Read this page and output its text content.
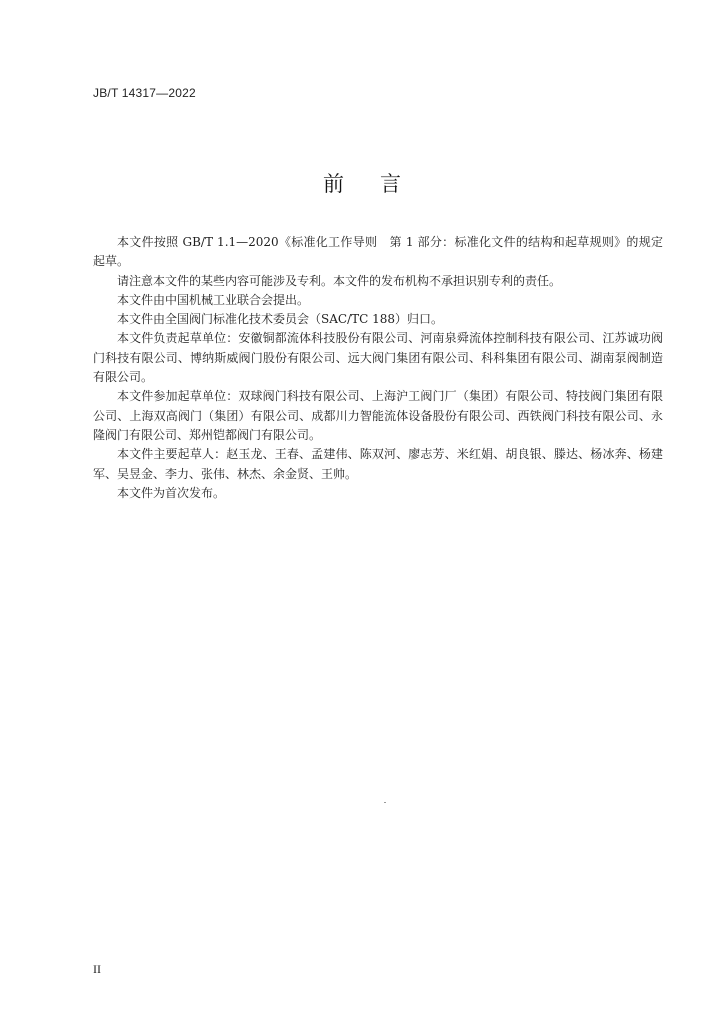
JB/T 14317—2022
前 言

本文件按照 GB/T 1.1—2020《标准化工作导则　第 1 部分：标准化文件的结构和起草规则》的规定起草。

请注意本文件的某些内容可能涉及专利。本文件的发布机构不承担识别专利的责任。

本文件由中国机械工业联合会提出。

本文件由全国阀门标准化技术委员会（SAC/TC 188）归口。

本文件负责起草单位：安徽铜都流体科技股份有限公司、河南泉舜流体控制科技有限公司、江苏诚功阀门科技有限公司、博纳斯威阀门股份有限公司、远大阀门集团有限公司、科科集团有限公司、湖南泵阀制造有限公司。

本文件参加起草单位：双球阀门科技有限公司、上海沪工阀门厂（集团）有限公司、特技阀门集团有限公司、上海双高阀门（集团）有限公司、成都川力智能流体设备股份有限公司、西铁阀门科技有限公司、永隆阀门有限公司、郑州铠都阀门有限公司。

本文件主要起草人：赵玉龙、王春、孟建伟、陈双河、廖志芳、米红娟、胡良银、滕达、杨冰奔、杨建军、吴昱金、李力、张伟、林杰、余金贤、王帅。

本文件为首次发布。

II
